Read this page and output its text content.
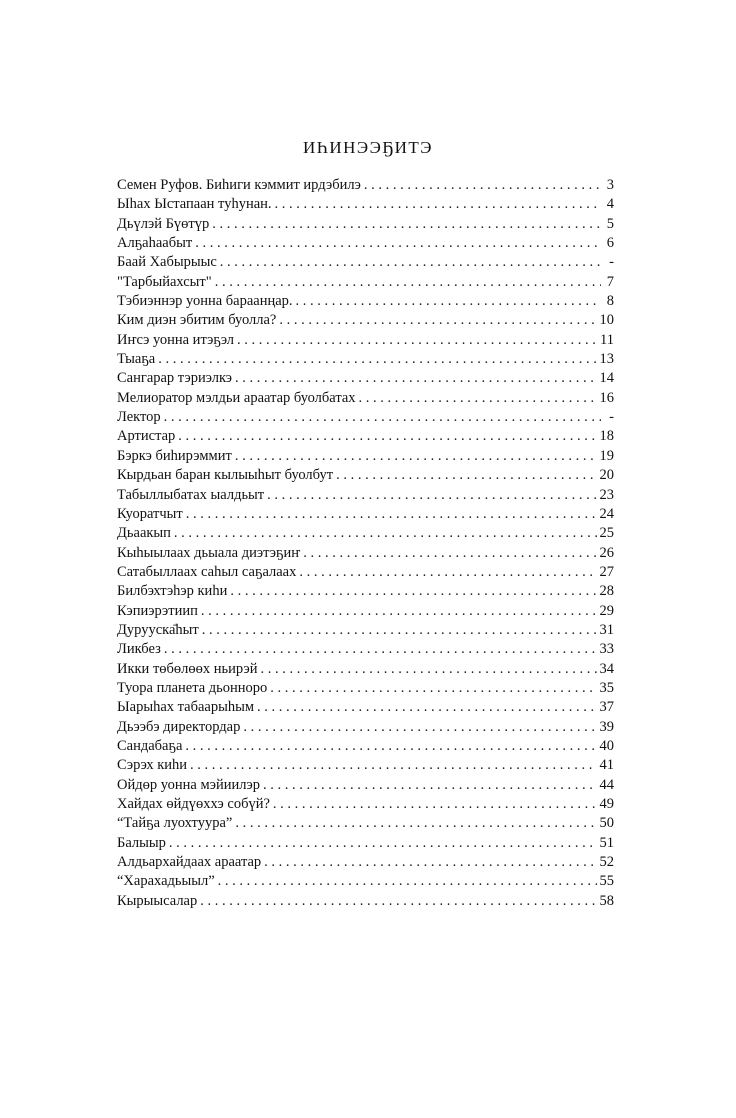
ИҺИНЭЭҔИТЭ
Семен Руфов. Биһиги кэммит ирдэбилэ . . .	3
Ыһах Ыстапаан туһунан. . . .	4
Дьүлэй Бүөтүр . . .	5
Алҕаһаабыт . . .	6
Баай Хабырыыс . . .	-
"Тарбыйахсыт" . . .	7
Тэбиэннэр уонна бараанңар. . . .	8
Ким диэн эбитим буолла? . . .	10
Иҥсэ уонна итэҕэл . . .	11
Тыаҕа . . .	13
Сангарар тэриэлкэ . . .	14
Мелиоратор мэлдьи араатар буолбатах . . .	16
Лектор . . .	-
Артистар . . .	18
Бэркэ биһирэммит . . .	19
Кырдьан баран кылыыһыт буолбут . . .	20
Табыллыбатах ыалдьыт . . .	23
Куоратчыт . . .	24
Дьаакып . . .	25
Кыһыылаах дьыала диэтэҕиҥ . . .	26
Сатабыллаах саһыл саҕалаах . . .	27
Билбэхтэһэр киһи . . .	28
Кэпиэрэтиип . . .	29
Дурууска̄һыт . . .	31
Ликбез . . .	33
Икки төбөлөөх ньирэй . . .	34
Туора планета дьонноро . . .	35
Ыарыһах табаарыһым . . .	37
Дьээбэ директордар . . .	39
Сандабаҕа . . .	40
Сэрэх киһи . . .	41
Ойдөр уонна мэйиилэр . . .	44
Хайдах өйдүөххэ собүй? . . .	49
“Тайҕа луохтуура” . . .	50
Балыыр . . .	51
Алдьархайдаах араатар . . .	52
“Харахадьыыл” . . .	55
Кырыысалар . . .	58
